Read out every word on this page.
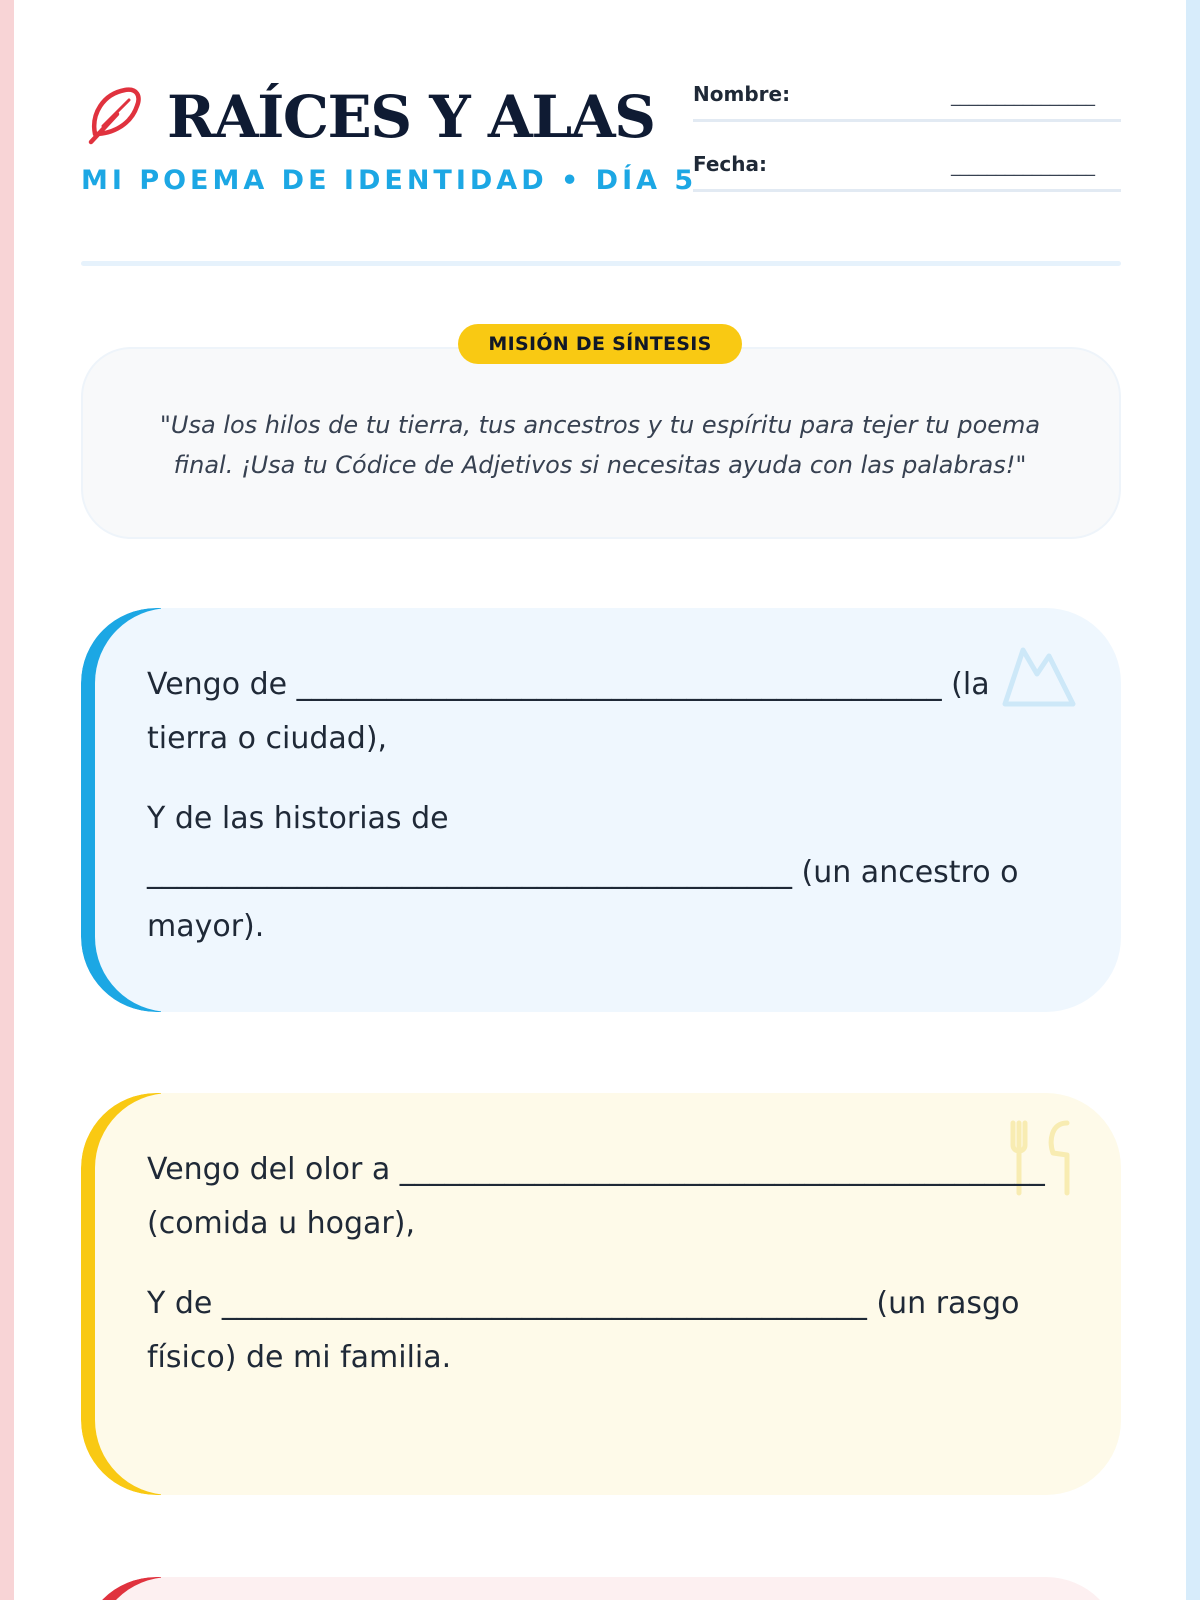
RAÍCES Y ALAS
MI POEMA DE IDENTIDAD • DÍA 5
Nombre:	________________
Fecha:	________________
MISIÓN DE SÍNTESIS
"Usa los hilos de tu tierra, tus ancestros y tu espíritu para tejer tu poema final. ¡Usa tu Códice de Adjetivos si necesitas ayuda con las palabras!"

Vengo de ___________________________________________ (la tierra o ciudad),

Y de las historias de ___________________________________________ (un ancestro o mayor).

Vengo del olor a ___________________________________________ (comida u hogar),

Y de ___________________________________________ (un rasgo físico) de mi familia.
